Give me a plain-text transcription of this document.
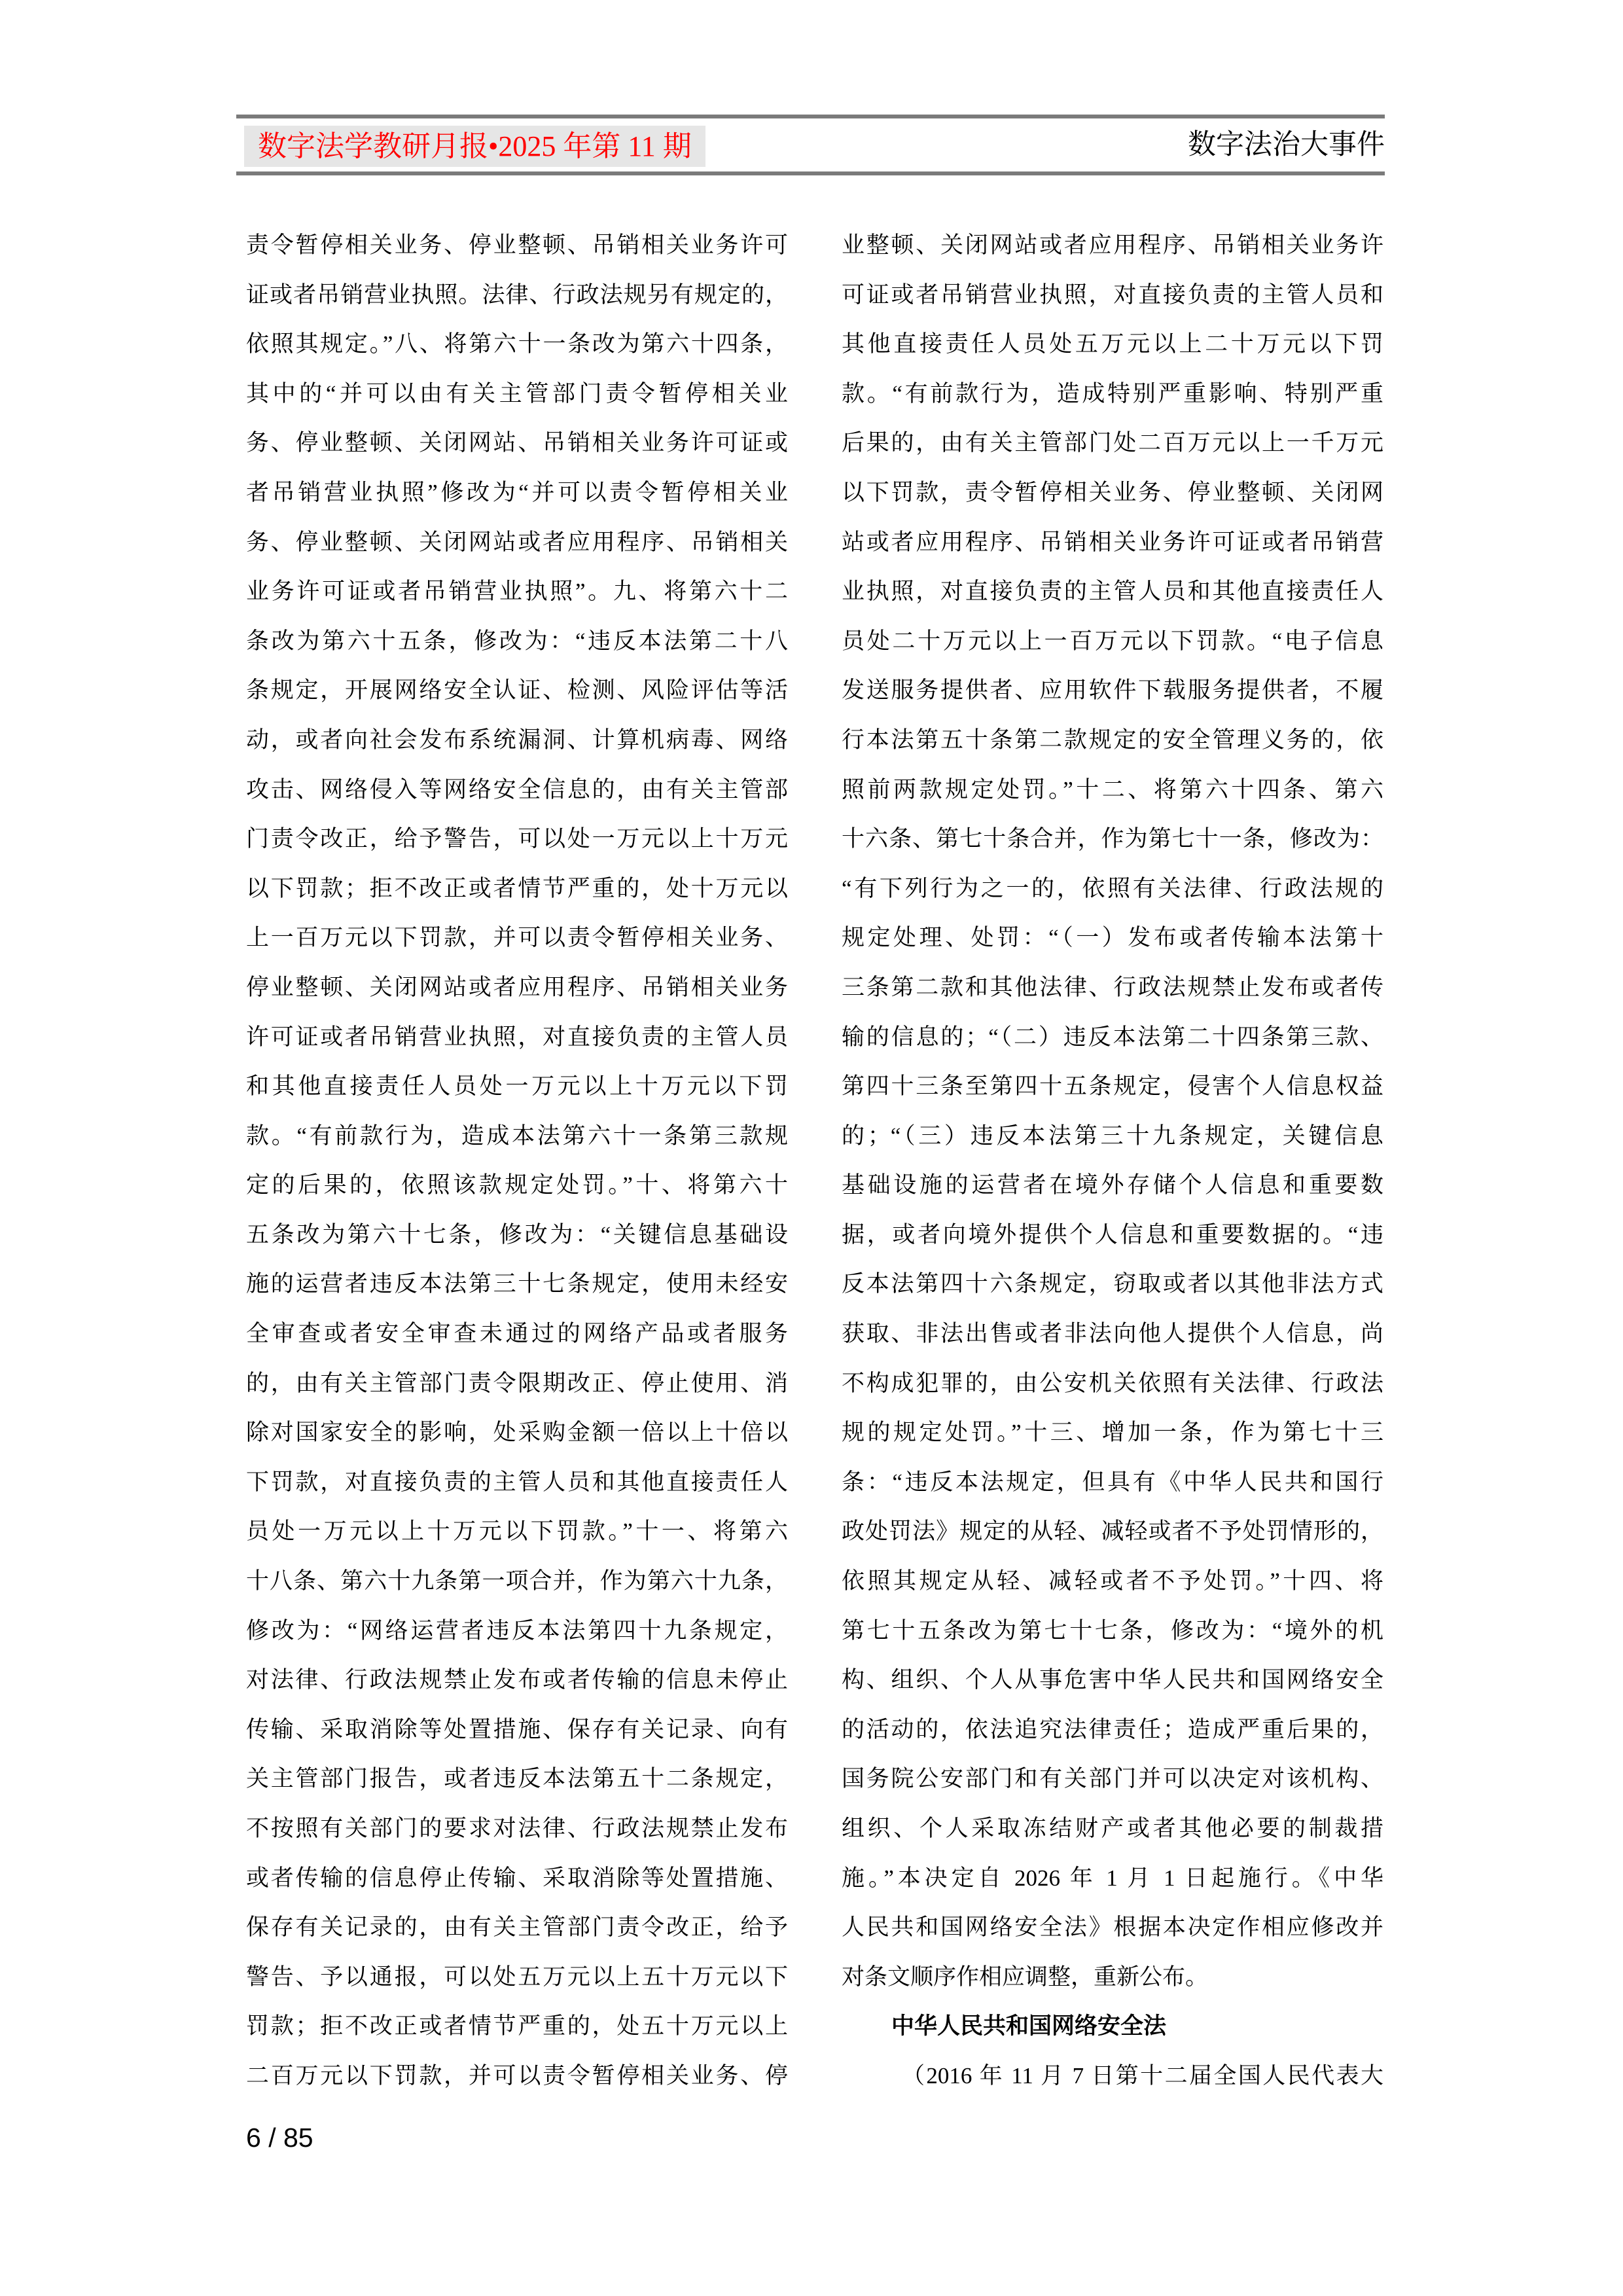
数字法学教研月报•2025 年第 11 期	数字法治大事件
责令暂停相关业务、停业整顿、吊销相关业务许可
证或者吊销营业执照。法律、行政法规另有规定的，
依照其规定。”八、将第六十一条改为第六十四条，
其中的“并可以由有关主管部门责令暂停相关业
务、停业整顿、关闭网站、吊销相关业务许可证或
者吊销营业执照”修改为“并可以责令暂停相关业
务、停业整顿、关闭网站或者应用程序、吊销相关
业务许可证或者吊销营业执照”。九、将第六十二
条改为第六十五条，修改为：“违反本法第二十八
条规定，开展网络安全认证、检测、风险评估等活
动，或者向社会发布系统漏洞、计算机病毒、网络
攻击、网络侵入等网络安全信息的，由有关主管部
门责令改正，给予警告，可以处一万元以上十万元
以下罚款；拒不改正或者情节严重的，处十万元以
上一百万元以下罚款，并可以责令暂停相关业务、
停业整顿、关闭网站或者应用程序、吊销相关业务
许可证或者吊销营业执照，对直接负责的主管人员
和其他直接责任人员处一万元以上十万元以下罚
款。“有前款行为，造成本法第六十一条第三款规
定的后果的，依照该款规定处罚。”十、将第六十
五条改为第六十七条，修改为：“关键信息基础设
施的运营者违反本法第三十七条规定，使用未经安
全审查或者安全审查未通过的网络产品或者服务
的，由有关主管部门责令限期改正、停止使用、消
除对国家安全的影响，处采购金额一倍以上十倍以
下罚款，对直接负责的主管人员和其他直接责任人
员处一万元以上十万元以下罚款。”十一、将第六
十八条、第六十九条第一项合并，作为第六十九条，
修改为：“网络运营者违反本法第四十九条规定，
对法律、行政法规禁止发布或者传输的信息未停止
传输、采取消除等处置措施、保存有关记录、向有
关主管部门报告，或者违反本法第五十二条规定，
不按照有关部门的要求对法律、行政法规禁止发布
或者传输的信息停止传输、采取消除等处置措施、
保存有关记录的，由有关主管部门责令改正，给予
警告、予以通报，可以处五万元以上五十万元以下
罚款；拒不改正或者情节严重的，处五十万元以上
二百万元以下罚款，并可以责令暂停相关业务、停
业整顿、关闭网站或者应用程序、吊销相关业务许
可证或者吊销营业执照，对直接负责的主管人员和
其他直接责任人员处五万元以上二十万元以下罚
款。“有前款行为，造成特别严重影响、特别严重
后果的，由有关主管部门处二百万元以上一千万元
以下罚款，责令暂停相关业务、停业整顿、关闭网
站或者应用程序、吊销相关业务许可证或者吊销营
业执照，对直接负责的主管人员和其他直接责任人
员处二十万元以上一百万元以下罚款。“电子信息
发送服务提供者、应用软件下载服务提供者，不履
行本法第五十条第二款规定的安全管理义务的，依
照前两款规定处罚。”十二、将第六十四条、第六
十六条、第七十条合并，作为第七十一条，修改为：
“有下列行为之一的，依照有关法律、行政法规的
规定处理、处罚：“（一）发布或者传输本法第十
三条第二款和其他法律、行政法规禁止发布或者传
输的信息的；“（二）违反本法第二十四条第三款、
第四十三条至第四十五条规定，侵害个人信息权益
的；“（三）违反本法第三十九条规定，关键信息
基础设施的运营者在境外存储个人信息和重要数
据，或者向境外提供个人信息和重要数据的。“违
反本法第四十六条规定，窃取或者以其他非法方式
获取、非法出售或者非法向他人提供个人信息，尚
不构成犯罪的，由公安机关依照有关法律、行政法
规的规定处罚。”十三、增加一条，作为第七十三
条：“违反本法规定，但具有《中华人民共和国行
政处罚法》规定的从轻、减轻或者不予处罚情形的，
依照其规定从轻、减轻或者不予处罚。”十四、将
第七十五条改为第七十七条，修改为：“境外的机
构、组织、个人从事危害中华人民共和国网络安全
的活动的，依法追究法律责任；造成严重后果的，
国务院公安部门和有关部门并可以决定对该机构、
组织、个人采取冻结财产或者其他必要的制裁措
施。”本决定自 2026 年 1 月 1 日起施行。《中华
人民共和国网络安全法》根据本决定作相应修改并
对条文顺序作相应调整，重新公布。
中华人民共和国网络安全法
（2016 年 11 月 7 日第十二届全国人民代表大
6 / 85
